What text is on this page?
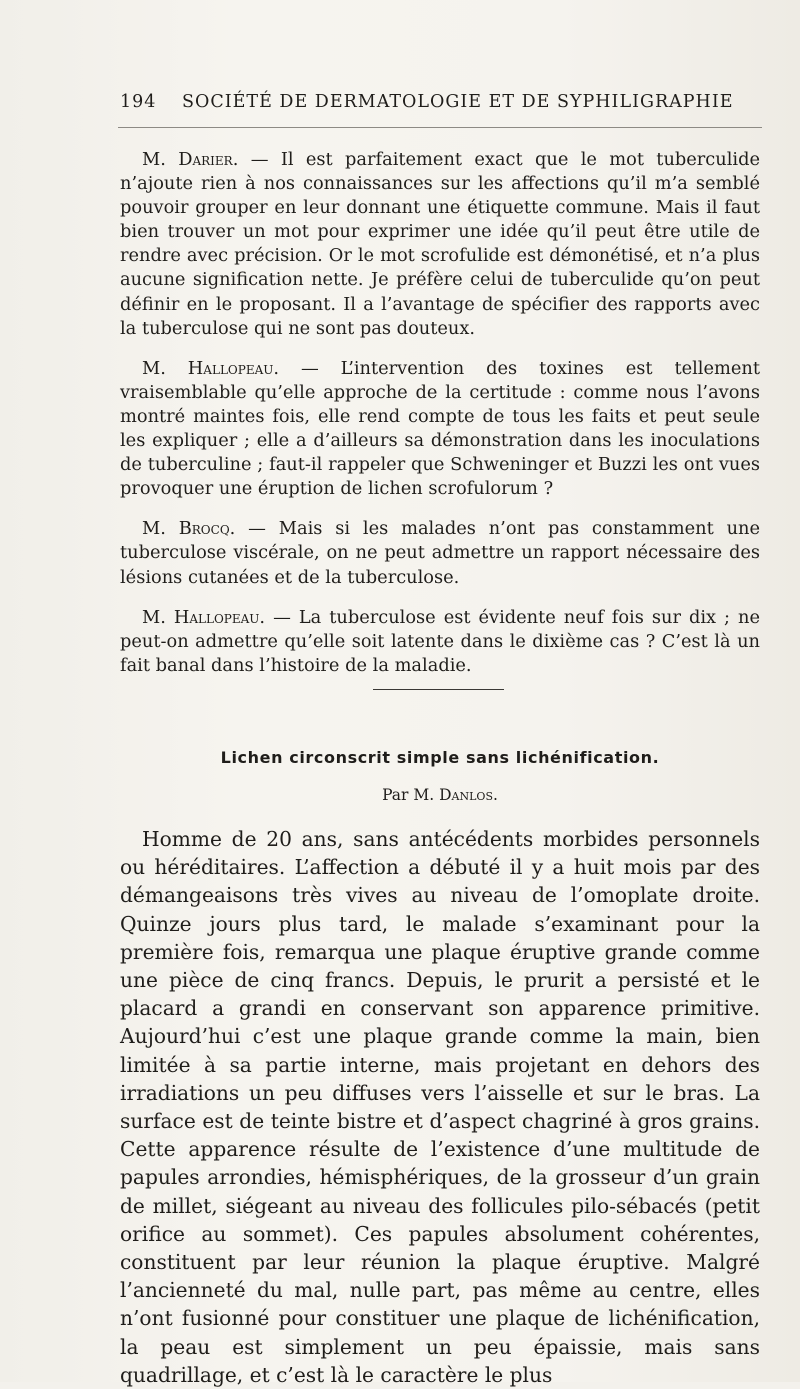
194	SOCIÉTÉ DE DERMATOLOGIE ET DE SYPHILIGRAPHIE

M. Darier. — Il est parfaitement exact que le mot tuberculide n’ajoute rien à nos connaissances sur les affections qu’il m’a semblé pouvoir grouper en leur donnant une étiquette commune. Mais il faut bien trouver un mot pour exprimer une idée qu’il peut être utile de rendre avec précision. Or le mot scrofulide est démonétisé, et n’a plus aucune signification nette. Je préfère celui de tuberculide qu’on peut définir en le proposant. Il a l’avantage de spécifier des rapports avec la tuberculose qui ne sont pas douteux.

M. Hallopeau. — L’intervention des toxines est tellement vraisemblable qu’elle approche de la certitude : comme nous l’avons montré maintes fois, elle rend compte de tous les faits et peut seule les expliquer ; elle a d’ailleurs sa démonstration dans les inoculations de tuberculine ; faut-il rappeler que Schweninger et Buzzi les ont vues provoquer une éruption de lichen scrofulorum ?

M. Brocq. — Mais si les malades n’ont pas constamment une tuberculose viscérale, on ne peut admettre un rapport nécessaire des lésions cutanées et de la tuberculose.

M. Hallopeau. — La tuberculose est évidente neuf fois sur dix ; ne peut-on admettre qu’elle soit latente dans le dixième cas ? C’est là un fait banal dans l’histoire de la maladie.

Lichen circonscrit simple sans lichénification.
Par M. Danlos.

Homme de 20 ans, sans antécédents morbides personnels ou héréditaires. L’affection a débuté il y a huit mois par des démangeaisons très vives au niveau de l’omoplate droite. Quinze jours plus tard, le malade s’examinant pour la première fois, remarqua une plaque éruptive grande comme une pièce de cinq francs. Depuis, le prurit a persisté et le placard a grandi en conservant son apparence primitive. Aujourd’hui c’est une plaque grande comme la main, bien limitée à sa partie interne, mais projetant en dehors des irradiations un peu diffuses vers l’aisselle et sur le bras. La surface est de teinte bistre et d’aspect chagriné à gros grains. Cette apparence résulte de l’existence d’une multitude de papules arrondies, hémisphériques, de la grosseur d’un grain de millet, siégeant au niveau des follicules pilo-sébacés (petit orifice au sommet). Ces papules absolument cohérentes, constituent par leur réunion la plaque éruptive. Malgré l’ancienneté du mal, nulle part, pas même au centre, elles n’ont fusionné pour constituer une plaque de lichénification, la peau est simplement un peu épaissie, mais sans quadrillage, et c’est là le caractère le plus
